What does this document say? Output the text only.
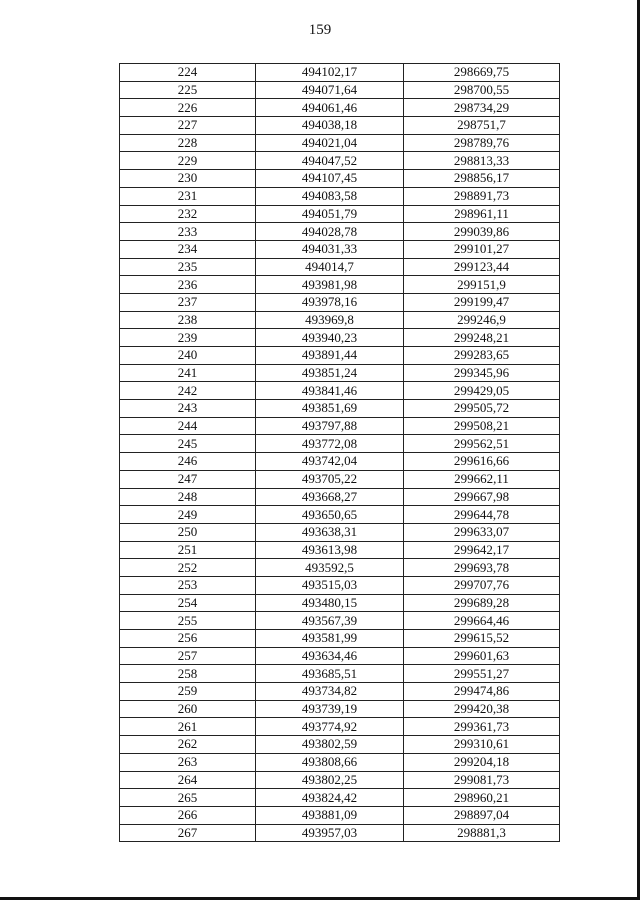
159
224	494102,17	298669,75
225	494071,64	298700,55
226	494061,46	298734,29
227	494038,18	298751,7
228	494021,04	298789,76
229	494047,52	298813,33
230	494107,45	298856,17
231	494083,58	298891,73
232	494051,79	298961,11
233	494028,78	299039,86
234	494031,33	299101,27
235	494014,7	299123,44
236	493981,98	299151,9
237	493978,16	299199,47
238	493969,8	299246,9
239	493940,23	299248,21
240	493891,44	299283,65
241	493851,24	299345,96
242	493841,46	299429,05
243	493851,69	299505,72
244	493797,88	299508,21
245	493772,08	299562,51
246	493742,04	299616,66
247	493705,22	299662,11
248	493668,27	299667,98
249	493650,65	299644,78
250	493638,31	299633,07
251	493613,98	299642,17
252	493592,5	299693,78
253	493515,03	299707,76
254	493480,15	299689,28
255	493567,39	299664,46
256	493581,99	299615,52
257	493634,46	299601,63
258	493685,51	299551,27
259	493734,82	299474,86
260	493739,19	299420,38
261	493774,92	299361,73
262	493802,59	299310,61
263	493808,66	299204,18
264	493802,25	299081,73
265	493824,42	298960,21
266	493881,09	298897,04
267	493957,03	298881,3
